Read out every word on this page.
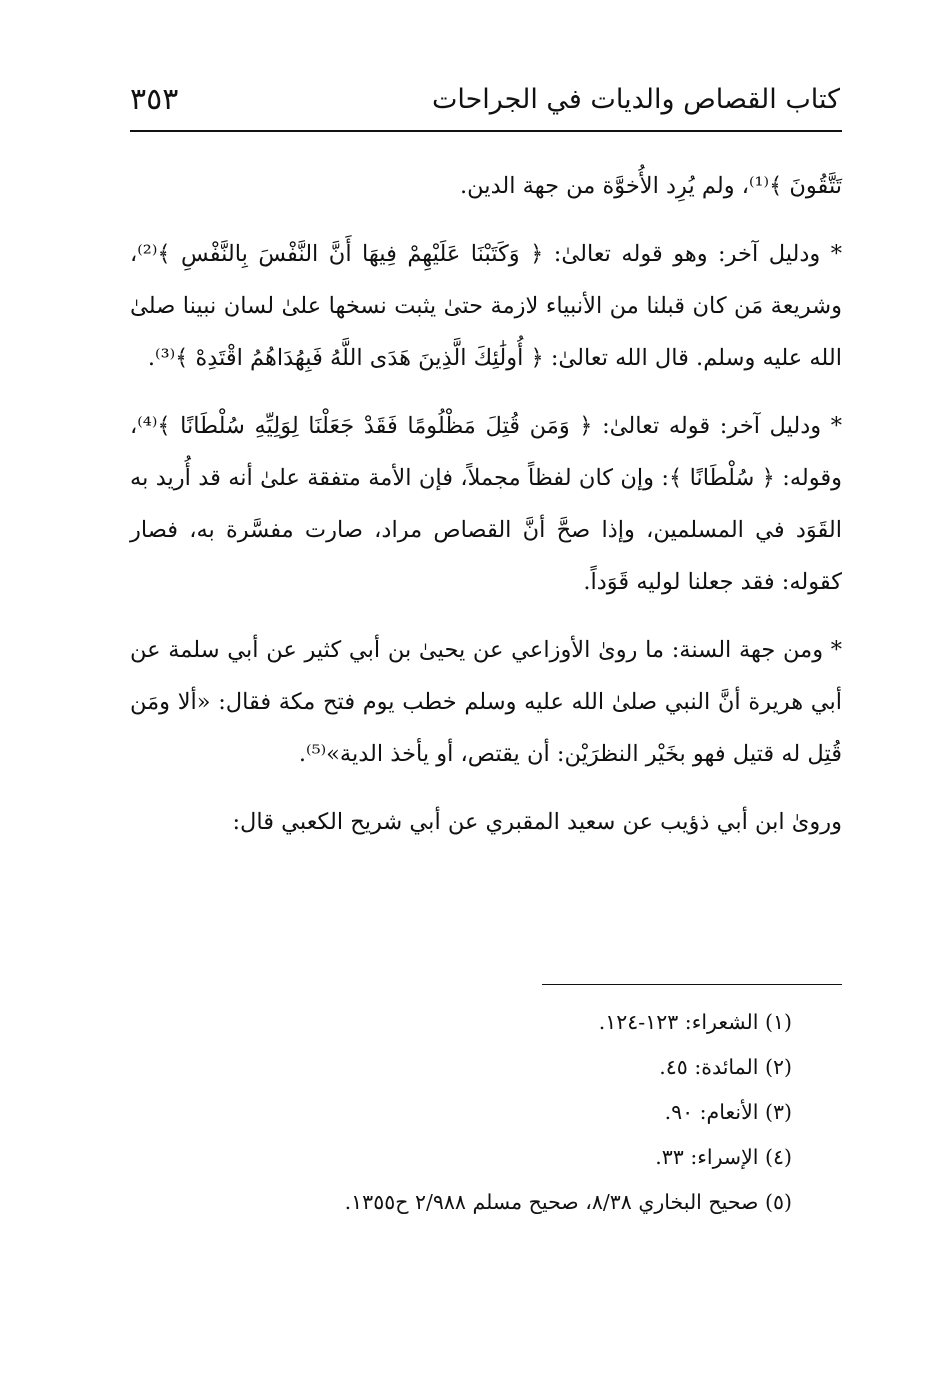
كتاب القصاص والديات في الجراحات
٣٥٣

تَتَّقُونَ ﴾⁽¹⁾، ولم يُرِد الأُخوَّة من جهة الدين.

* ودليل آخر: وهو قوله تعالىٰ: ﴿ وَكَتَبْنَا عَلَيْهِمْ فِيهَا أَنَّ النَّفْسَ بِالنَّفْسِ ﴾⁽²⁾، وشريعة مَن كان قبلنا من الأنبياء لازمة حتىٰ يثبت نسخها علىٰ لسان نبينا صلىٰ الله عليه وسلم. قال الله تعالىٰ: ﴿ أُولَٰئِكَ الَّذِينَ هَدَى اللَّهُ فَبِهُدَاهُمُ اقْتَدِهْ ﴾⁽³⁾.

* ودليل آخر: قوله تعالىٰ: ﴿ وَمَن قُتِلَ مَظْلُومًا فَقَدْ جَعَلْنَا لِوَلِيِّهِ سُلْطَانًا ﴾⁽⁴⁾، وقوله: ﴿ سُلْطَانًا ﴾: وإن كان لفظاً مجملاً، فإن الأمة متفقة علىٰ أنه قد أُريد به القَوَد في المسلمين، وإذا صحَّ أنَّ القصاص مراد، صارت مفسَّرة به، فصار كقوله: فقد جعلنا لوليه قَوَداً.

* ومن جهة السنة: ما روىٰ الأوزاعي عن يحيىٰ بن أبي كثير عن أبي سلمة عن أبي هريرة أنَّ النبي صلىٰ الله عليه وسلم خطب يوم فتح مكة فقال: «ألا ومَن قُتِل له قتيل فهو بخَيْر النظرَيْن: أن يقتص، أو يأخذ الدية»⁽⁵⁾.

وروىٰ ابن أبي ذؤيب عن سعيد المقبري عن أبي شريح الكعبي قال:

(١) الشعراء: ١٢٣-١٢٤.
(٢) المائدة: ٤٥.
(٣) الأنعام: ٩٠.
(٤) الإسراء: ٣٣.
(٥) صحيح البخاري ٨/٣٨، صحيح مسلم ٢/٩٨٨ ح١٣٥٥.
